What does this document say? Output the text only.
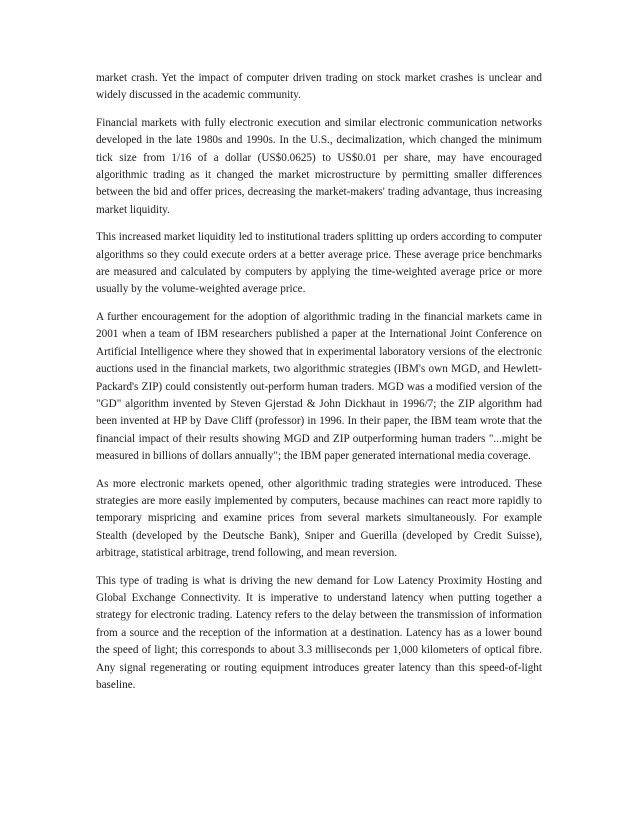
market crash. Yet the impact of computer driven trading on stock market crashes is unclear and widely discussed in the academic community.

Financial markets with fully electronic execution and similar electronic communication networks developed in the late 1980s and 1990s. In the U.S., decimalization, which changed the minimum tick size from 1/16 of a dollar (US$0.0625) to US$0.01 per share, may have encouraged algorithmic trading as it changed the market microstructure by permitting smaller differences between the bid and offer prices, decreasing the market-makers' trading advantage, thus increasing market liquidity.

This increased market liquidity led to institutional traders splitting up orders according to computer algorithms so they could execute orders at a better average price. These average price benchmarks are measured and calculated by computers by applying the time-weighted average price or more usually by the volume-weighted average price.

A further encouragement for the adoption of algorithmic trading in the financial markets came in 2001 when a team of IBM researchers published a paper at the International Joint Conference on Artificial Intelligence where they showed that in experimental laboratory versions of the electronic auctions used in the financial markets, two algorithmic strategies (IBM's own MGD, and Hewlett-Packard's ZIP) could consistently out-perform human traders. MGD was a modified version of the "GD" algorithm invented by Steven Gjerstad & John Dickhaut in 1996/7; the ZIP algorithm had been invented at HP by Dave Cliff (professor) in 1996. In their paper, the IBM team wrote that the financial impact of their results showing MGD and ZIP outperforming human traders "...might be measured in billions of dollars annually"; the IBM paper generated international media coverage.

As more electronic markets opened, other algorithmic trading strategies were introduced. These strategies are more easily implemented by computers, because machines can react more rapidly to temporary mispricing and examine prices from several markets simultaneously. For example Stealth (developed by the Deutsche Bank), Sniper and Guerilla (developed by Credit Suisse), arbitrage, statistical arbitrage, trend following, and mean reversion.

This type of trading is what is driving the new demand for Low Latency Proximity Hosting and Global Exchange Connectivity. It is imperative to understand latency when putting together a strategy for electronic trading. Latency refers to the delay between the transmission of information from a source and the reception of the information at a destination. Latency has as a lower bound the speed of light; this corresponds to about 3.3 milliseconds per 1,000 kilometers of optical fibre. Any signal regenerating or routing equipment introduces greater latency than this speed-of-light baseline.
